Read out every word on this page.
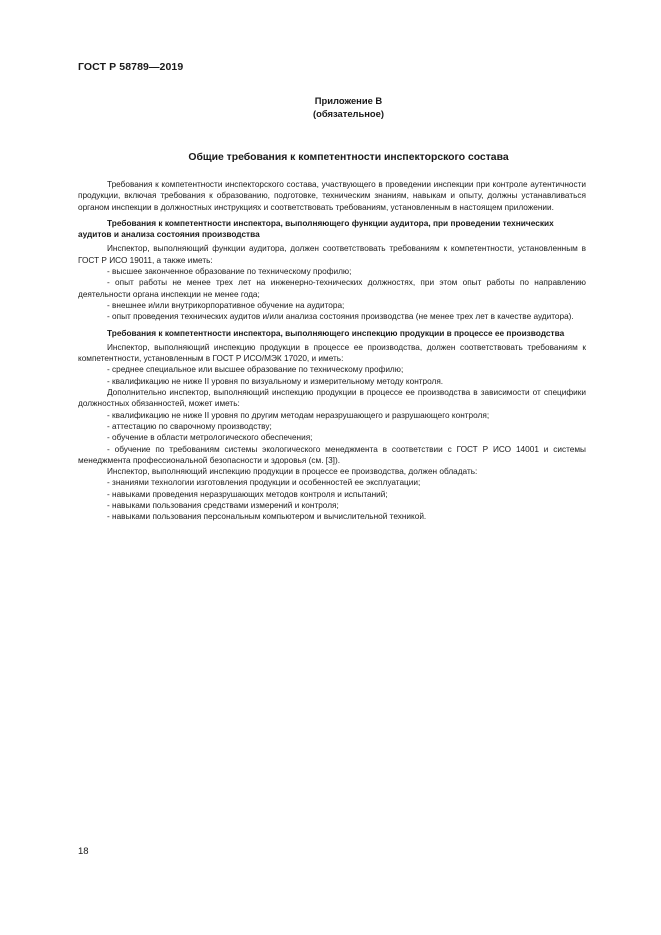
ГОСТ Р 58789—2019
Приложение В
(обязательное)
Общие требования к компетентности инспекторского состава

Требования к компетентности инспекторского состава, участвующего в проведении инспекции при контроле аутентичности продукции, включая требования к образованию, подготовке, техническим знаниям, навыкам и опыту, должны устанавливаться органом инспекции в должностных инструкциях и соответствовать требованиям, установленным в настоящем приложении.

Требования к компетентности инспектора, выполняющего функции аудитора, при проведении технических аудитов и анализа состояния производства

Инспектор, выполняющий функции аудитора, должен соответствовать требованиям к компетентности, установленным в ГОСТ Р ИСО 19011, а также иметь:

- высшее законченное образование по техническому профилю;

- опыт работы не менее трех лет на инженерно-технических должностях, при этом опыт работы по направлению деятельности органа инспекции не менее года;

- внешнее и/или внутрикорпоративное обучение на аудитора;

- опыт проведения технических аудитов и/или анализа состояния производства (не менее трех лет в качестве аудитора).

Требования к компетентности инспектора, выполняющего инспекцию продукции в процессе ее производства

Инспектор, выполняющий инспекцию продукции в процессе ее производства, должен соответствовать требованиям к компетентности, установленным в ГОСТ Р ИСО/МЭК 17020, и иметь:

- среднее специальное или высшее образование по техническому профилю;

- квалификацию не ниже II уровня по визуальному и измерительному методу контроля.

Дополнительно инспектор, выполняющий инспекцию продукции в процессе ее производства в зависимости от специфики должностных обязанностей, может иметь:

- квалификацию не ниже II уровня по другим методам неразрушающего и разрушающего контроля;

- аттестацию по сварочному производству;

- обучение в области метрологического обеспечения;

- обучение по требованиям системы экологического менеджмента в соответствии с ГОСТ Р ИСО 14001 и системы менеджмента профессиональной безопасности и здоровья (см. [3]).

Инспектор, выполняющий инспекцию продукции в процессе ее производства, должен обладать:

- знаниями технологии изготовления продукции и особенностей ее эксплуатации;

- навыками проведения неразрушающих методов контроля и испытаний;

- навыками пользования средствами измерений и контроля;

- навыками пользования персональным компьютером и вычислительной техникой.

18
